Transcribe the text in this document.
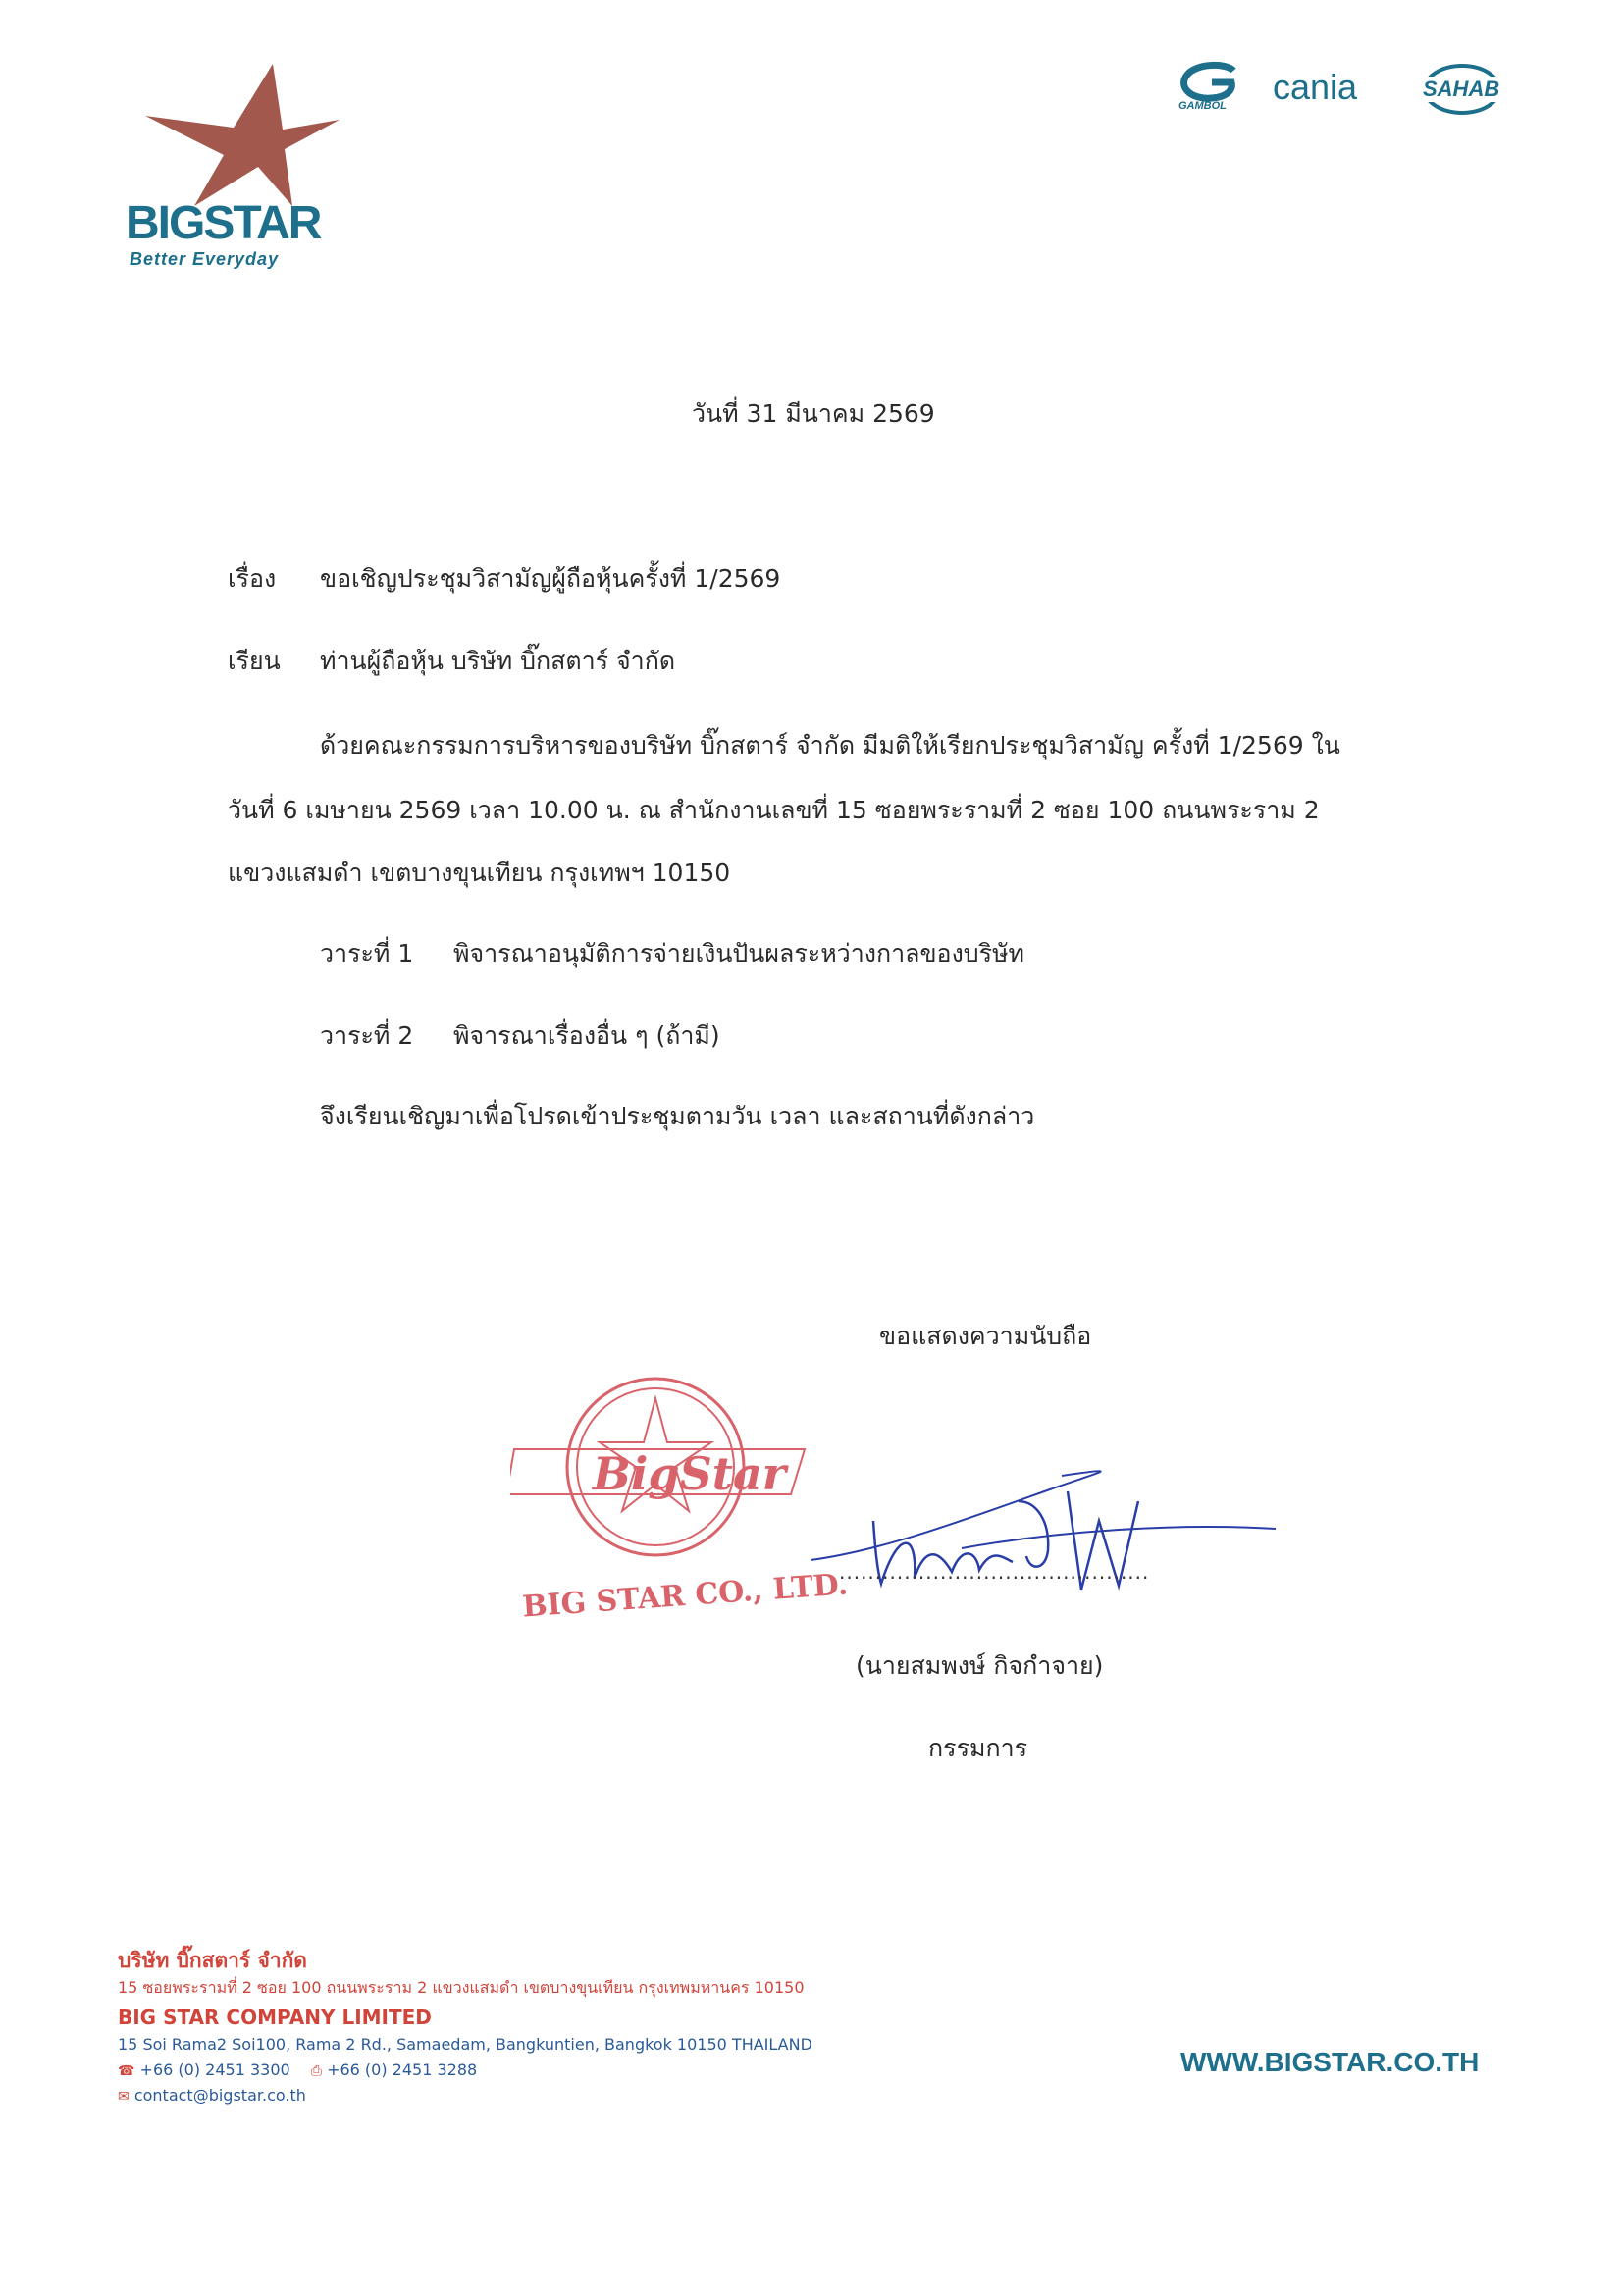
BIGSTAR
Better Everyday
GAMBOL cania	SAHAB
วันที่ 31 มีนาคม 2569
เรื่อง ขอเชิญประชุมวิสามัญผู้ถือหุ้นครั้งที่ 1/2569
เรียน ท่านผู้ถือหุ้น บริษัท บิ๊กสตาร์ จำกัด
ด้วยคณะกรรมการบริหารของบริษัท บิ๊กสตาร์ จำกัด มีมติให้เรียกประชุมวิสามัญ ครั้งที่ 1/2569 ใน
วันที่ 6 เมษายน 2569 เวลา 10.00 น. ณ สำนักงานเลขที่ 15 ซอยพระรามที่ 2 ซอย 100 ถนนพระราม 2
แขวงแสมดำ เขตบางขุนเทียน กรุงเทพฯ 10150
วาระที่ 1 พิจารณาอนุมัติการจ่ายเงินปันผลระหว่างกาลของบริษัท
วาระที่ 2 พิจารณาเรื่องอื่น ๆ (ถ้ามี)
จึงเรียนเชิญมาเพื่อโปรดเข้าประชุมตามวัน เวลา และสถานที่ดังกล่าว
ขอแสดงความนับถือ
BigStar
BIG STAR CO., LTD.
...........................................
(นายสมพงษ์ กิจกำจาย)
กรรมการ
บริษัท บิ๊กสตาร์ จำกัด
15 ซอยพระรามที่ 2 ซอย 100 ถนนพระราม 2 แขวงแสมดำ เขตบางขุนเทียน กรุงเทพมหานคร 10150
BIG STAR COMPANY LIMITED
15 Soi Rama2 Soi100, Rama 2 Rd., Samaedam, Bangkuntien, Bangkok 10150 THAILAND
☎ +66 (0) 2451 3300 ⎙ +66 (0) 2451 3288
✉ contact@bigstar.co.th
WWW.BIGSTAR.CO.TH
